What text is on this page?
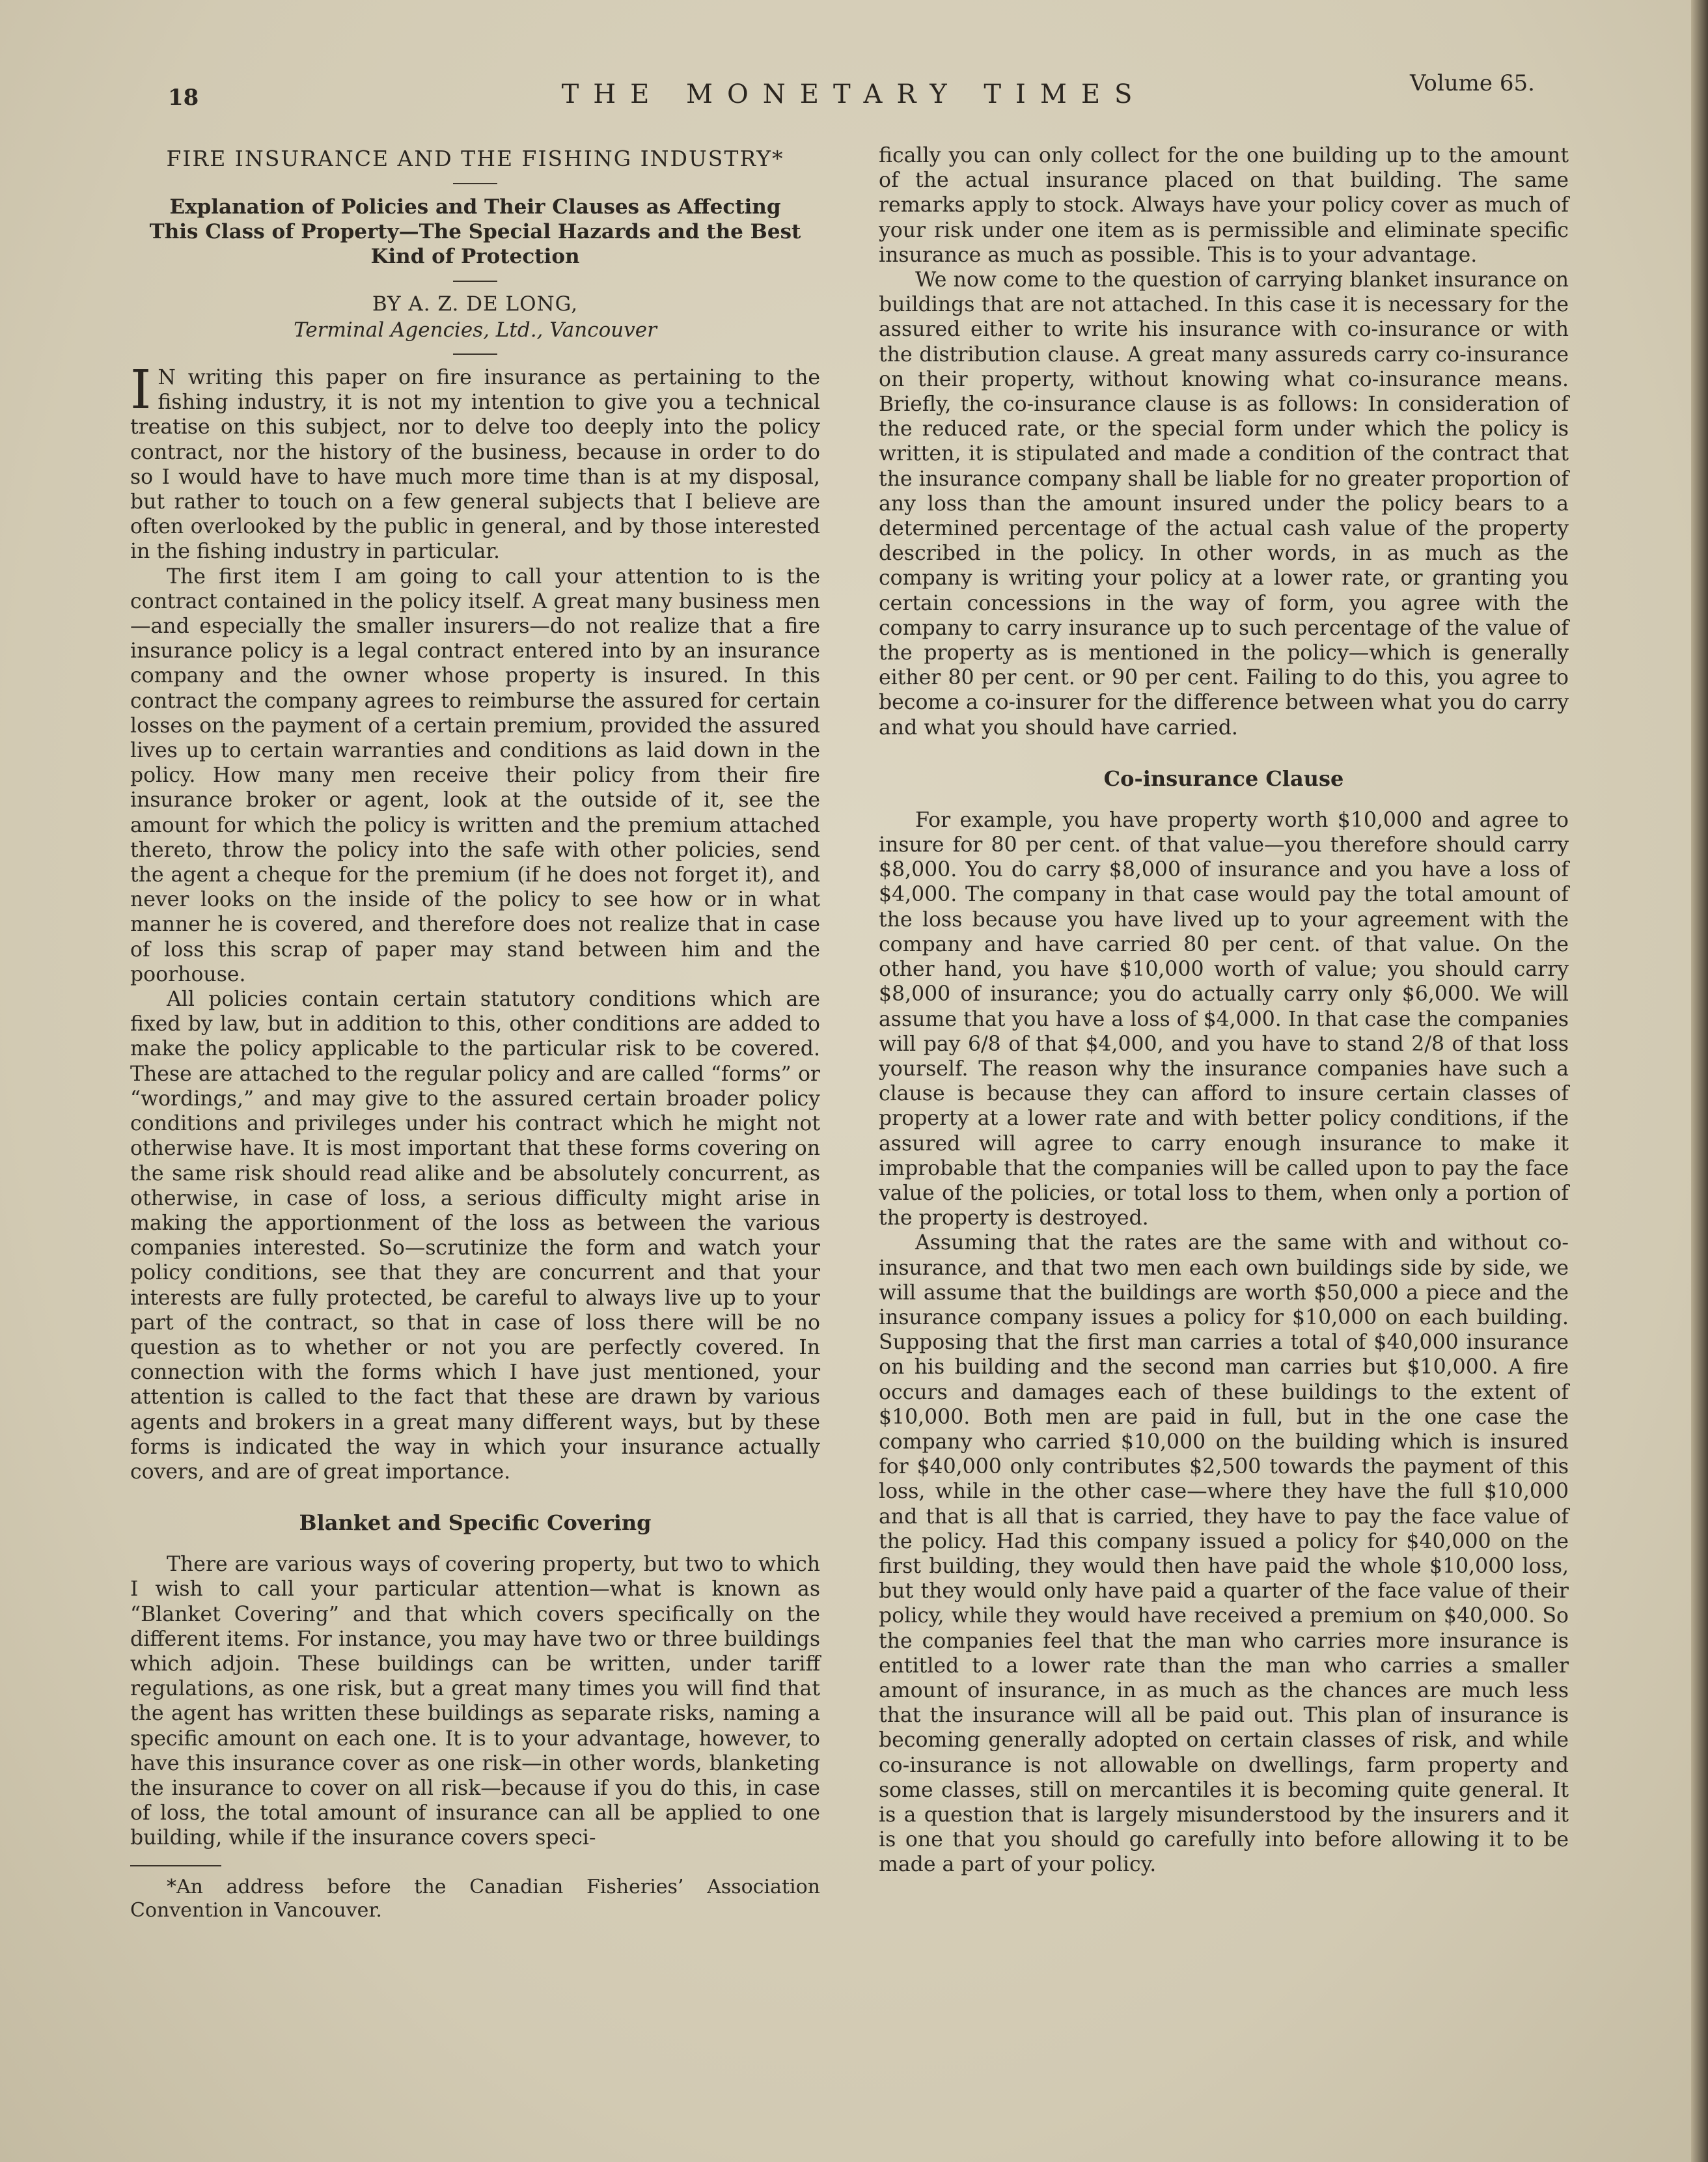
18	THE MONETARY TIMES	Volume 65.
FIRE INSURANCE AND THE FISHING INDUSTRY*
Explanation of Policies and Their Clauses as Affecting This Class of Property—The Special Hazards and the Best Kind of Protection
BY A. Z. DE LONG,
Terminal Agencies, Ltd., Vancouver

I N writing this paper on fire insurance as pertaining to the fishing industry, it is not my intention to give you a technical treatise on this subject, nor to delve too deeply into the policy contract, nor the history of the business, because in order to do so I would have to have much more time than is at my disposal, but rather to touch on a few general subjects that I believe are often overlooked by the public in general, and by those interested in the fishing industry in particular.

The first item I am going to call your attention to is the contract contained in the policy itself. A great many business men—and especially the smaller insurers—do not realize that a fire insurance policy is a legal contract entered into by an insurance company and the owner whose property is insured. In this contract the company agrees to reimburse the assured for certain losses on the payment of a certain premium, provided the assured lives up to certain warranties and conditions as laid down in the policy. How many men receive their policy from their fire insurance broker or agent, look at the outside of it, see the amount for which the policy is written and the premium attached thereto, throw the policy into the safe with other policies, send the agent a cheque for the premium (if he does not forget it), and never looks on the inside of the policy to see how or in what manner he is covered, and therefore does not realize that in case of loss this scrap of paper may stand between him and the poorhouse.

All policies contain certain statutory conditions which are fixed by law, but in addition to this, other conditions are added to make the policy applicable to the particular risk to be covered. These are attached to the regular policy and are called “forms” or “wordings,” and may give to the assured certain broader policy conditions and privileges under his contract which he might not otherwise have. It is most important that these forms covering on the same risk should read alike and be absolutely concurrent, as otherwise, in case of loss, a serious difficulty might arise in making the apportionment of the loss as between the various companies interested. So—scrutinize the form and watch your policy conditions, see that they are concurrent and that your interests are fully protected, be careful to always live up to your part of the contract, so that in case of loss there will be no question as to whether or not you are perfectly covered. In connection with the forms which I have just mentioned, your attention is called to the fact that these are drawn by various agents and brokers in a great many different ways, but by these forms is indicated the way in which your insurance actually covers, and are of great importance.

Blanket and Specific Covering

There are various ways of covering property, but two to which I wish to call your particular attention—what is known as “Blanket Covering” and that which covers specifically on the different items. For instance, you may have two or three buildings which adjoin. These buildings can be written, under tariff regulations, as one risk, but a great many times you will find that the agent has written these buildings as separate risks, naming a specific amount on each one. It is to your advantage, however, to have this insurance cover as one risk—in other words, blanketing the insurance to cover on all risk—because if you do this, in case of loss, the total amount of insurance can all be applied to one building, while if the insurance covers speci-

*An address before the Canadian Fisheries’ Association Convention in Vancouver.

fically you can only collect for the one building up to the amount of the actual insurance placed on that building. The same remarks apply to stock. Always have your policy cover as much of your risk under one item as is permissible and eliminate specific insurance as much as possible. This is to your advantage.

We now come to the question of carrying blanket insurance on buildings that are not attached. In this case it is necessary for the assured either to write his insurance with co-insurance or with the distribution clause. A great many assureds carry co-insurance on their property, without knowing what co-insurance means. Briefly, the co-insurance clause is as follows: In consideration of the reduced rate, or the special form under which the policy is written, it is stipulated and made a condition of the contract that the insurance company shall be liable for no greater proportion of any loss than the amount insured under the policy bears to a determined percentage of the actual cash value of the property described in the policy. In other words, in as much as the company is writing your policy at a lower rate, or granting you certain concessions in the way of form, you agree with the company to carry insurance up to such percentage of the value of the property as is mentioned in the policy—which is generally either 80 per cent. or 90 per cent. Failing to do this, you agree to become a co-insurer for the difference between what you do carry and what you should have carried.

Co-insurance Clause

For example, you have property worth $10,000 and agree to insure for 80 per cent. of that value—you therefore should carry $8,000. You do carry $8,000 of insurance and you have a loss of $4,000. The company in that case would pay the total amount of the loss because you have lived up to your agreement with the company and have carried 80 per cent. of that value. On the other hand, you have $10,000 worth of value; you should carry $8,000 of insurance; you do actually carry only $6,000. We will assume that you have a loss of $4,000. In that case the companies will pay 6/8 of that $4,000, and you have to stand 2/8 of that loss yourself. The reason why the insurance companies have such a clause is because they can afford to insure certain classes of property at a lower rate and with better policy conditions, if the assured will agree to carry enough insurance to make it improbable that the companies will be called upon to pay the face value of the policies, or total loss to them, when only a portion of the property is destroyed.

Assuming that the rates are the same with and without co-insurance, and that two men each own buildings side by side, we will assume that the buildings are worth $50,000 a piece and the insurance company issues a policy for $10,000 on each building. Supposing that the first man carries a total of $40,000 insurance on his building and the second man carries but $10,000. A fire occurs and damages each of these buildings to the extent of $10,000. Both men are paid in full, but in the one case the company who carried $10,000 on the building which is insured for $40,000 only contributes $2,500 towards the payment of this loss, while in the other case—where they have the full $10,000 and that is all that is carried, they have to pay the face value of the policy. Had this company issued a policy for $40,000 on the first building, they would then have paid the whole $10,000 loss, but they would only have paid a quarter of the face value of their policy, while they would have received a premium on $40,000. So the companies feel that the man who carries more insurance is entitled to a lower rate than the man who carries a smaller amount of insurance, in as much as the chances are much less that the insurance will all be paid out. This plan of insurance is becoming generally adopted on certain classes of risk, and while co-insurance is not allowable on dwellings, farm property and some classes, still on mercantiles it is becoming quite general. It is a question that is largely misunderstood by the insurers and it is one that you should go carefully into before allowing it to be made a part of your policy.
